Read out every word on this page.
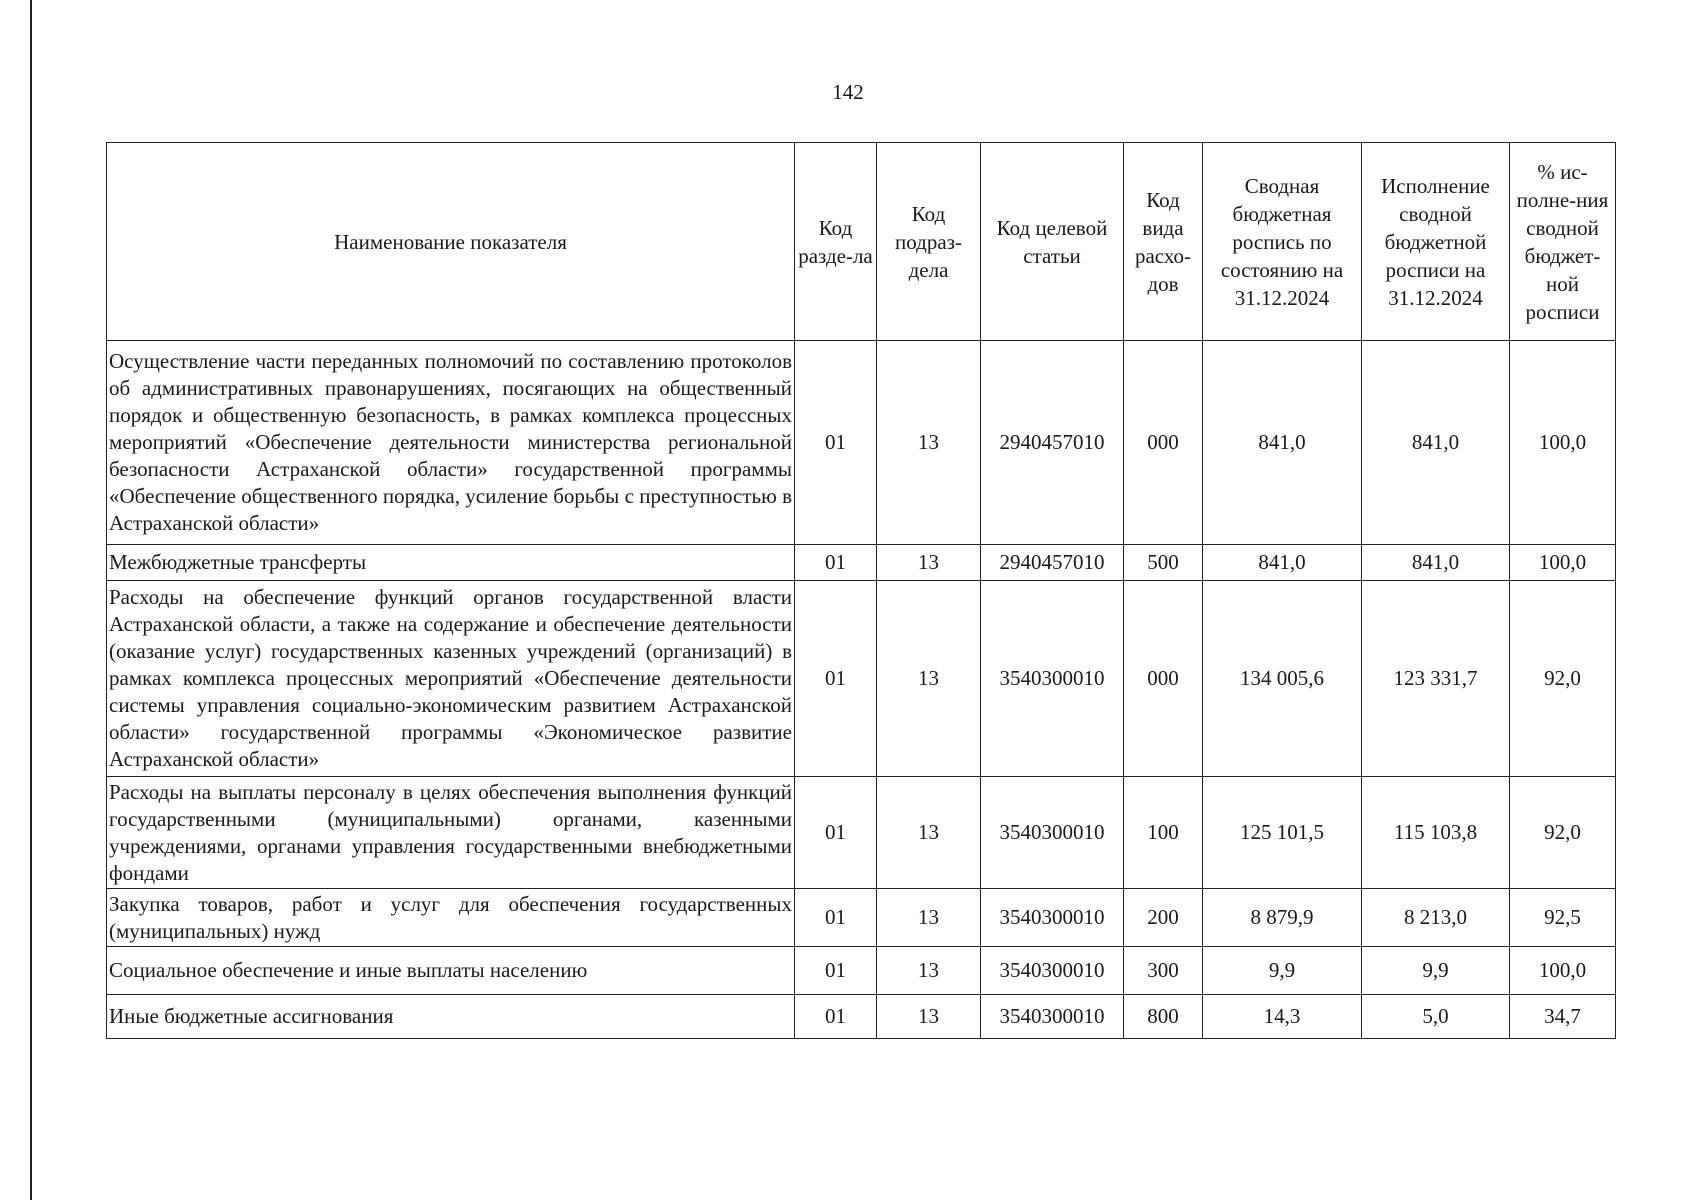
142
Наименование показателя	Код разде-ла	Код подраз-дела	Код целевой статьи	Код вида расхо-дов	Сводная бюджетная роспись по состоянию на 31.12.2024	Исполнение сводной бюджетной росписи на 31.12.2024	% ис-полне-ния сводной бюджет-ной росписи
Осуществление части переданных полномочий по составлению протоколов об административных правонарушениях, посягающих на общественный порядок и общественную безопасность, в рамках комплекса процессных мероприятий «Обеспечение деятельности министерства региональной безопасности Астраханской области» государственной программы «Обеспечение общественного порядка, усиление борьбы с преступностью в Астраханской области»	01	13	2940457010	000	841,0	841,0	100,0
Межбюджетные трансферты	01	13	2940457010	500	841,0	841,0	100,0
Расходы на обеспечение функций органов государственной власти Астраханской области, а также на содержание и обеспечение деятельности (оказание услуг) государственных казенных учреждений (организаций) в рамках комплекса процессных мероприятий «Обеспечение деятельности системы управления социально-экономическим развитием Астраханской области» государственной программы «Экономическое развитие Астраханской области»	01	13	3540300010	000	134 005,6	123 331,7	92,0
Расходы на выплаты персоналу в целях обеспечения выполнения функций государственными (муниципальными) органами, казенными учреждениями, органами управления государственными внебюджетными фондами	01	13	3540300010	100	125 101,5	115 103,8	92,0
Закупка товаров, работ и услуг для обеспечения государственных (муниципальных) нужд	01	13	3540300010	200	8 879,9	8 213,0	92,5
Социальное обеспечение и иные выплаты населению	01	13	3540300010	300	9,9	9,9	100,0
Иные бюджетные ассигнования	01	13	3540300010	800	14,3	5,0	34,7
